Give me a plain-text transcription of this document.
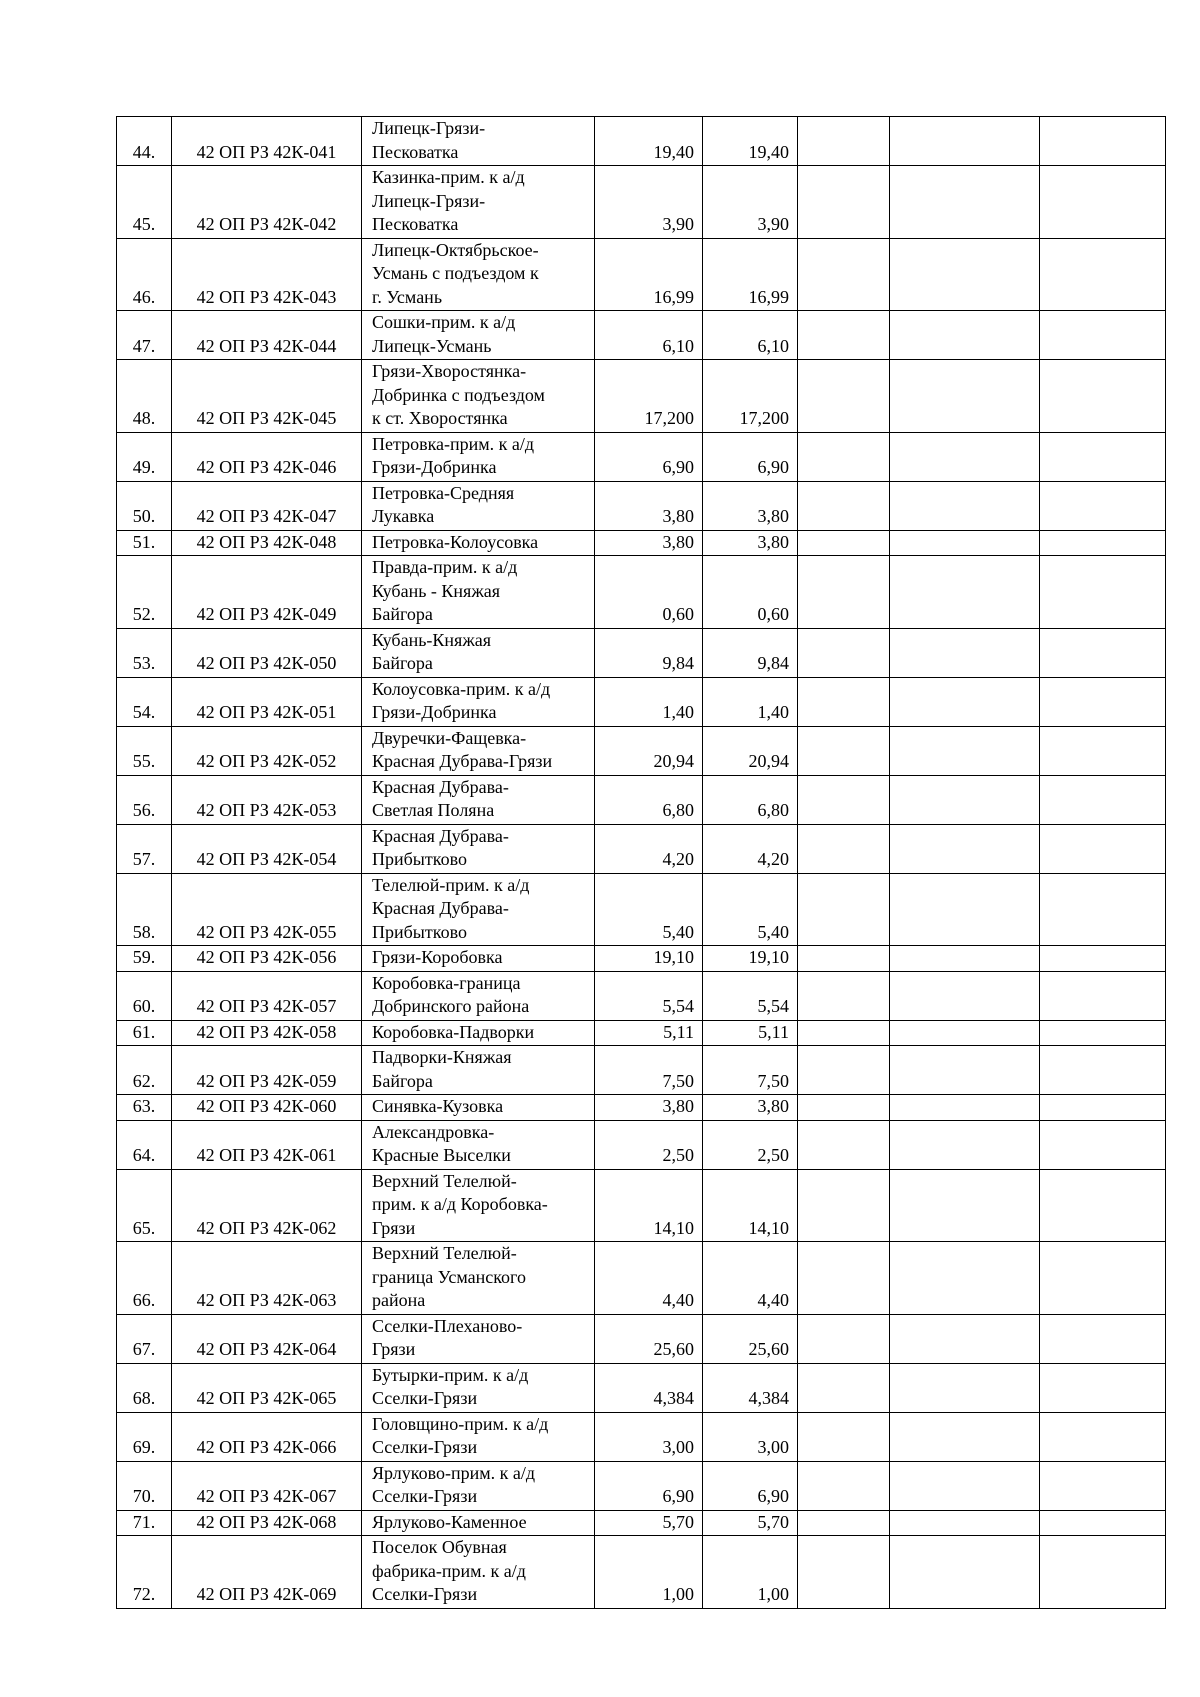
44.	42 ОП РЗ 42К-041	Липецк-Грязи-
Песковатка	19,40	19,40			
45.	42 ОП РЗ 42К-042	Казинка-прим. к а/д
Липецк-Грязи-
Песковатка	3,90	3,90			
46.	42 ОП РЗ 42К-043	Липецк-Октябрьское-
Усмань с подъездом к
г. Усмань	16,99	16,99			
47.	42 ОП РЗ 42К-044	Сошки-прим. к а/д
Липецк-Усмань	6,10	6,10			
48.	42 ОП РЗ 42К-045	Грязи-Хворостянка-
Добринка с подъездом
к ст. Хворостянка	17,200	17,200			
49.	42 ОП РЗ 42К-046	Петровка-прим. к а/д
Грязи-Добринка	6,90	6,90			
50.	42 ОП РЗ 42К-047	Петровка-Средняя
Лукавка	3,80	3,80			
51.	42 ОП РЗ 42К-048	Петровка-Колоусовка	3,80	3,80			
52.	42 ОП РЗ 42К-049	Правда-прим. к а/д
Кубань - Княжая
Байгора	0,60	0,60			
53.	42 ОП РЗ 42К-050	Кубань-Княжая
Байгора	9,84	9,84			
54.	42 ОП РЗ 42К-051	Колоусовка-прим. к а/д
Грязи-Добринка	1,40	1,40			
55.	42 ОП РЗ 42К-052	Двуречки-Фащевка-
Красная Дубрава-Грязи	20,94	20,94			
56.	42 ОП РЗ 42К-053	Красная Дубрава-
Светлая Поляна	6,80	6,80			
57.	42 ОП РЗ 42К-054	Красная Дубрава-
Прибытково	4,20	4,20			
58.	42 ОП РЗ 42К-055	Телелюй-прим. к а/д
Красная Дубрава-
Прибытково	5,40	5,40			
59.	42 ОП РЗ 42К-056	Грязи-Коробовка	19,10	19,10			
60.	42 ОП РЗ 42К-057	Коробовка-граница
Добринского района	5,54	5,54			
61.	42 ОП РЗ 42К-058	Коробовка-Падворки	5,11	5,11			
62.	42 ОП РЗ 42К-059	Падворки-Княжая
Байгора	7,50	7,50			
63.	42 ОП РЗ 42К-060	Синявка-Кузовка	3,80	3,80			
64.	42 ОП РЗ 42К-061	Александровка-
Красные Выселки	2,50	2,50			
65.	42 ОП РЗ 42К-062	Верхний Телелюй-
прим. к а/д Коробовка-
Грязи	14,10	14,10			
66.	42 ОП РЗ 42К-063	Верхний Телелюй-
граница Усманского
района	4,40	4,40			
67.	42 ОП РЗ 42К-064	Сселки-Плеханово-
Грязи	25,60	25,60			
68.	42 ОП РЗ 42К-065	Бутырки-прим. к а/д
Сселки-Грязи	4,384	4,384			
69.	42 ОП РЗ 42К-066	Головщино-прим. к а/д
Сселки-Грязи	3,00	3,00			
70.	42 ОП РЗ 42К-067	Ярлуково-прим. к а/д
Сселки-Грязи	6,90	6,90			
71.	42 ОП РЗ 42К-068	Ярлуково-Каменное	5,70	5,70			
72.	42 ОП РЗ 42К-069	Поселок Обувная
фабрика-прим. к а/д
Сселки-Грязи	1,00	1,00			
